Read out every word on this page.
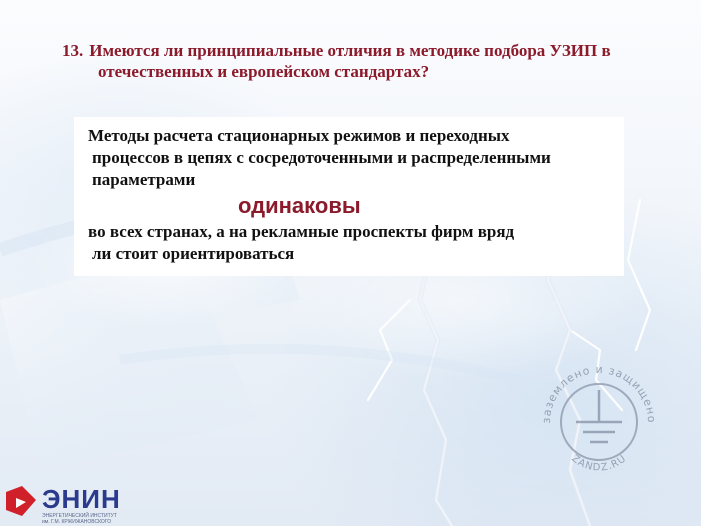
13. Имеются ли принципиальные отличия в методике подбора УЗИП в
отечественных и европейском стандартах?

Методы расчета стационарных режимов и переходных
процессов в цепях с сосредоточенными и распределенными
параметрами

одинаковы

во всех странах, а на рекламные проспекты фирм вряд
ли стоит ориентироваться

заземлено и защищено
ZANDZ.RU
ЭНИН
ЭНЕРГЕТИЧЕСКИЙ ИНСТИТУТ
им. Г.М. КРЖИЖАНОВСКОГО
